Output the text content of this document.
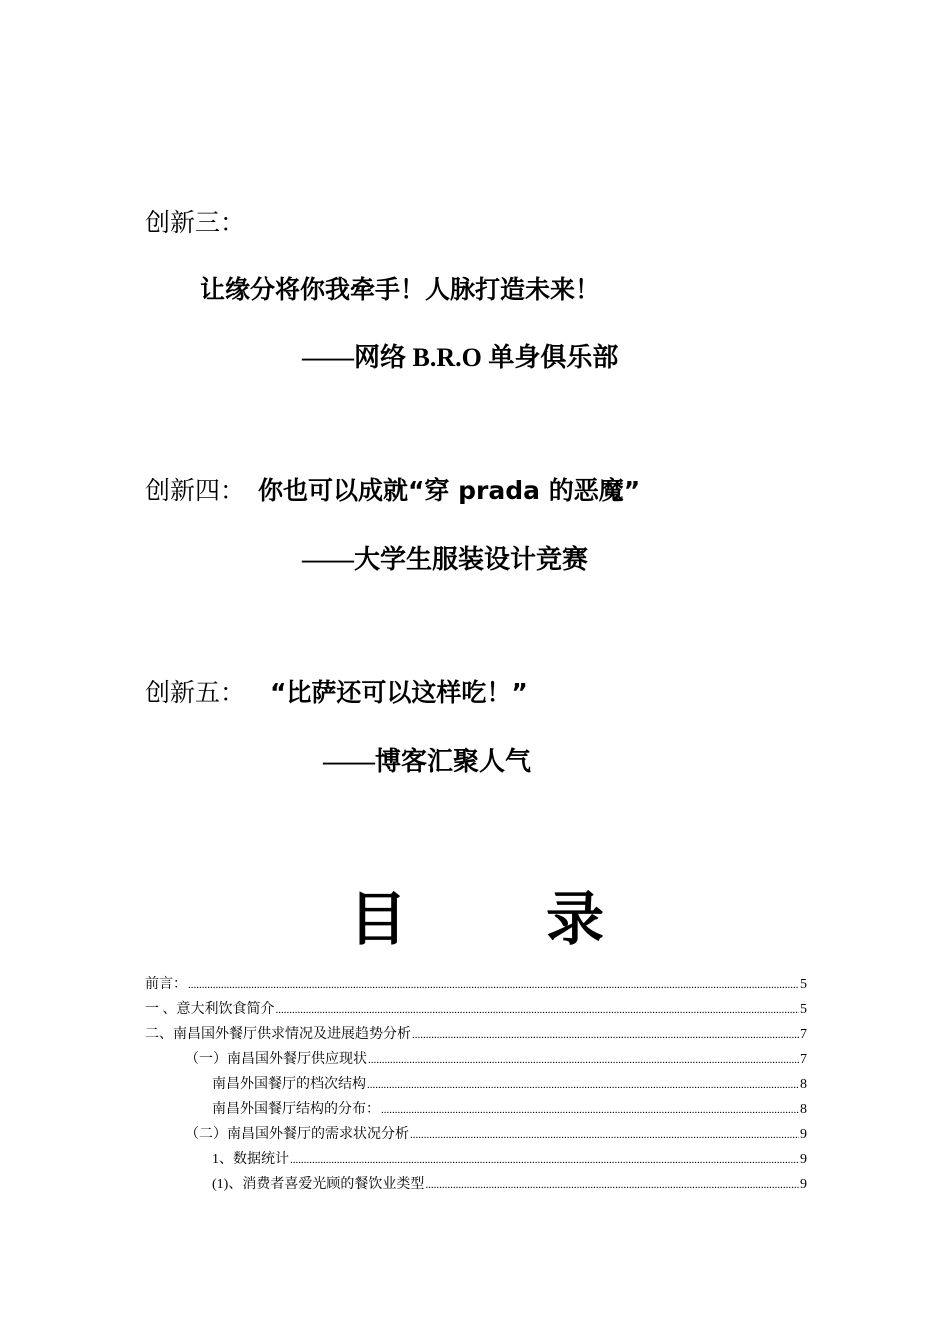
创新三：
让缘分将你我牵手！人脉打造未来！
——网络 B.R.O 单身俱乐部
创新四： 你也可以成就“穿 prada 的恶魔”
——大学生服装设计竞赛
创新五： “比萨还可以这样吃！”
——博客汇聚人气
目 录
前言： .....	5
一 、意大利饮食简介 .....	5
二、南昌国外餐厅供求情况及进展趋势分析 .....	7
（一）南昌国外餐厅供应现状 .....	7
南昌外国餐厅的档次结构 .....	8
南昌外国餐厅结构的分布： .....	8
（二）南昌国外餐厅的需求状况分析 .....	9
1、数据统计 .....	9
(1)、消费者喜爱光顾的餐饮业类型 .....	9
